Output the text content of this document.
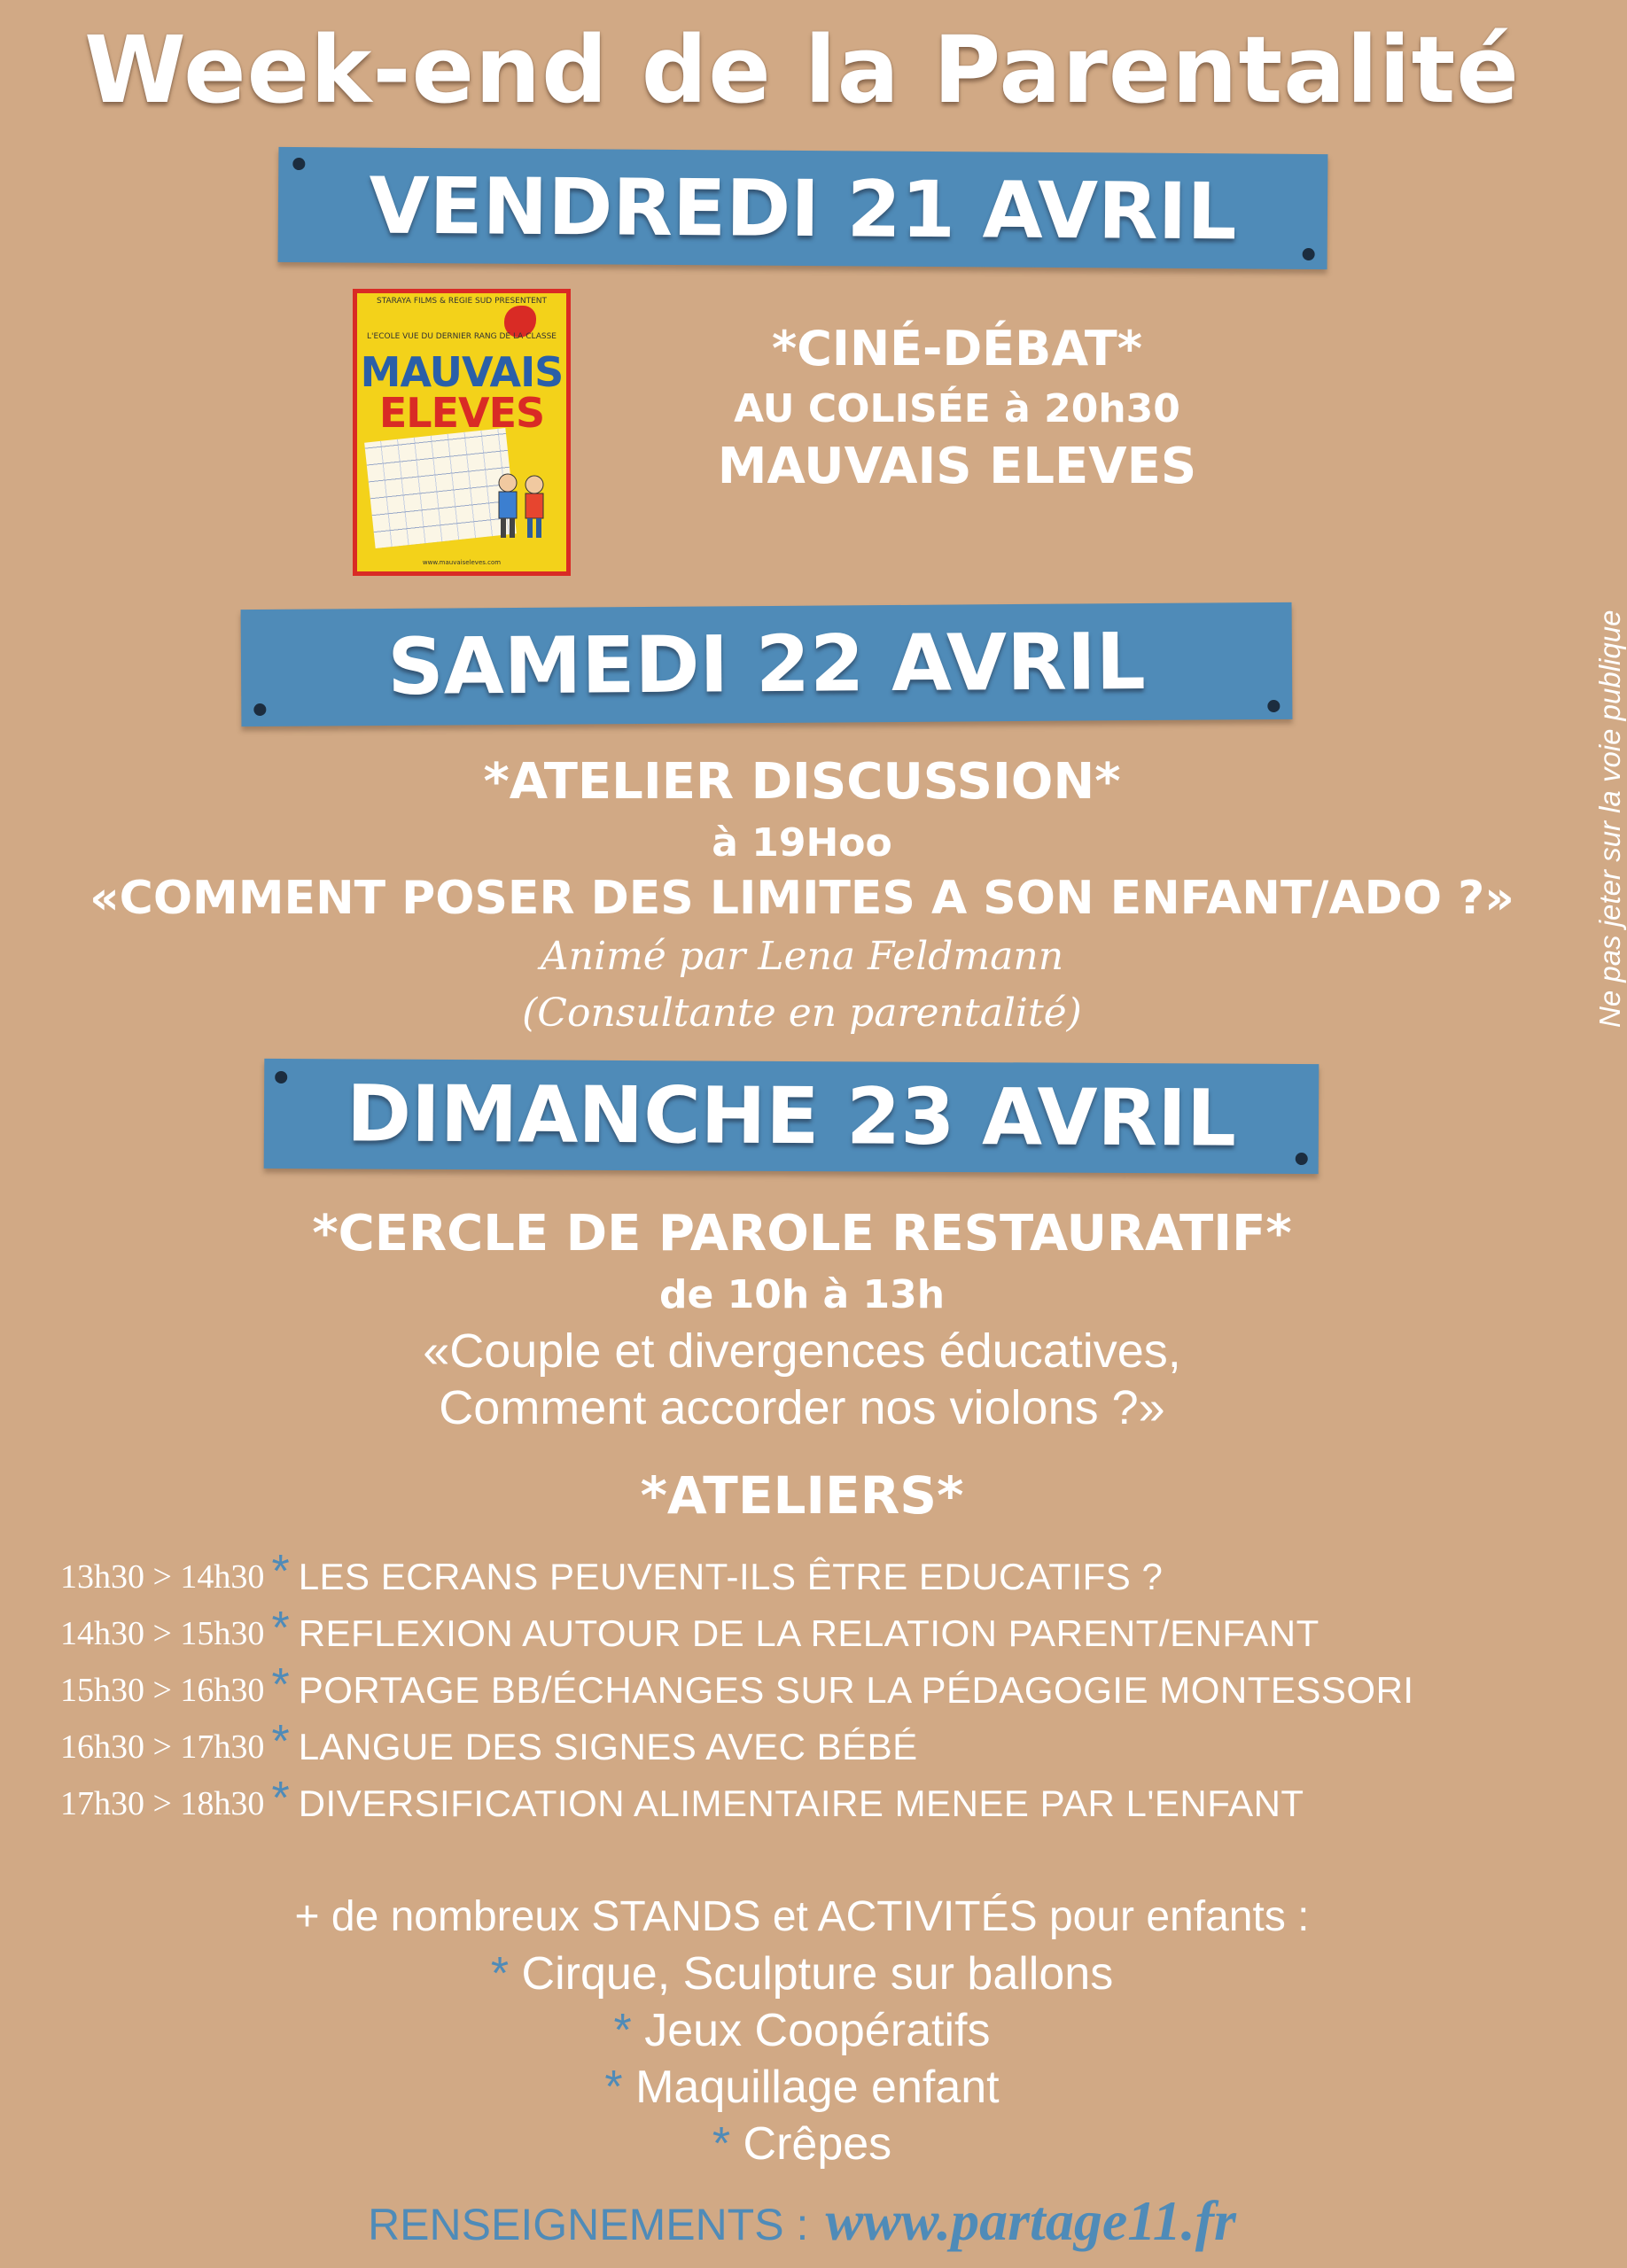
Week-end de la Parentalité
VENDREDI 21 AVRIL
STARAYA FILMS & REGIE SUD PRESENTENT
L'ECOLE VUE DU DERNIER RANG DE LA CLASSE
MAUVAIS
ELEVES
www.mauvaiseleves.com
*CINÉ-DÉBAT*
AU COLISÉE à 20h30
MAUVAIS ELEVES
SAMEDI 22 AVRIL
*ATELIER DISCUSSION*
à 19Hoo
«COMMENT POSER DES LIMITES A SON ENFANT/ADO ?»
Animé par Lena Feldmann
(Consultante en parentalité)
DIMANCHE 23 AVRIL
*CERCLE DE PAROLE RESTAURATIF*
de 10h à 13h
«Couple et divergences éducatives,
Comment accorder nos violons ?»
*ATELIERS*
13h30 > 14h30 * LES ECRANS PEUVENT-ILS ÊTRE EDUCATIFS ?
14h30 > 15h30 * REFLEXION AUTOUR DE LA RELATION PARENT/ENFANT
15h30 > 16h30 * PORTAGE BB/ÉCHANGES SUR LA PÉDAGOGIE MONTESSORI
16h30 > 17h30 * LANGUE DES SIGNES AVEC BÉBÉ
17h30 > 18h30 * DIVERSIFICATION ALIMENTAIRE MENEE PAR L'ENFANT
+ de nombreux STANDS et ACTIVITÉS pour enfants :
* Cirque, Sculpture sur ballons
* Jeux Coopératifs
* Maquillage enfant
* Crêpes
RENSEIGNEMENTS : www.partage11.fr
Ne pas jeter sur la voie publique
